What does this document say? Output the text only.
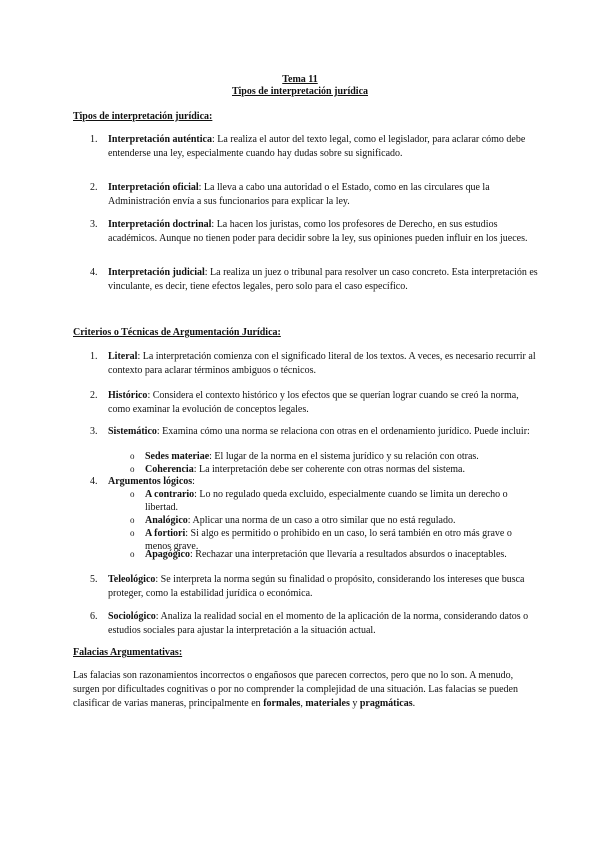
Tema 11
Tipos de interpretación jurídica
Tipos de interpretación jurídica:
1. Interpretación auténtica: La realiza el autor del texto legal, como el legislador, para aclarar cómo debe entenderse una ley, especialmente cuando hay dudas sobre su significado.
2. Interpretación oficial: La lleva a cabo una autoridad o el Estado, como en las circulares que la Administración envía a sus funcionarios para explicar la ley.
3. Interpretación doctrinal: La hacen los juristas, como los profesores de Derecho, en sus estudios académicos. Aunque no tienen poder para decidir sobre la ley, sus opiniones pueden influir en los jueces.
4. Interpretación judicial: La realiza un juez o tribunal para resolver un caso concreto. Esta interpretación es vinculante, es decir, tiene efectos legales, pero solo para el caso específico.
Criterios o Técnicas de Argumentación Jurídica:
1. Literal: La interpretación comienza con el significado literal de los textos. A veces, es necesario recurrir al contexto para aclarar términos ambiguos o técnicos.
2. Histórico: Considera el contexto histórico y los efectos que se querían lograr cuando se creó la norma, como examinar la evolución de conceptos legales.
3. Sistemático: Examina cómo una norma se relaciona con otras en el ordenamiento jurídico. Puede incluir:
o Sedes materiae: El lugar de la norma en el sistema jurídico y su relación con otras.
o Coherencia: La interpretación debe ser coherente con otras normas del sistema.
4. Argumentos lógicos:
o A contrario: Lo no regulado queda excluido, especialmente cuando se limita un derecho o libertad.
o Analógico: Aplicar una norma de un caso a otro similar que no está regulado.
o A fortiori: Si algo es permitido o prohibido en un caso, lo será también en otro más grave o menos grave.
o Apagógico: Rechazar una interpretación que llevaría a resultados absurdos o inaceptables.
5. Teleológico: Se interpreta la norma según su finalidad o propósito, considerando los intereses que busca proteger, como la estabilidad jurídica o económica.
6. Sociológico: Analiza la realidad social en el momento de la aplicación de la norma, considerando datos o estudios sociales para ajustar la interpretación a la situación actual.
Falacias Argumentativas:

Las falacias son razonamientos incorrectos o engañosos que parecen correctos, pero que no lo son. A menudo, surgen por dificultades cognitivas o por no comprender la complejidad de una situación. Las falacias se pueden clasificar de varias maneras, principalmente en formales, materiales y pragmáticas.
